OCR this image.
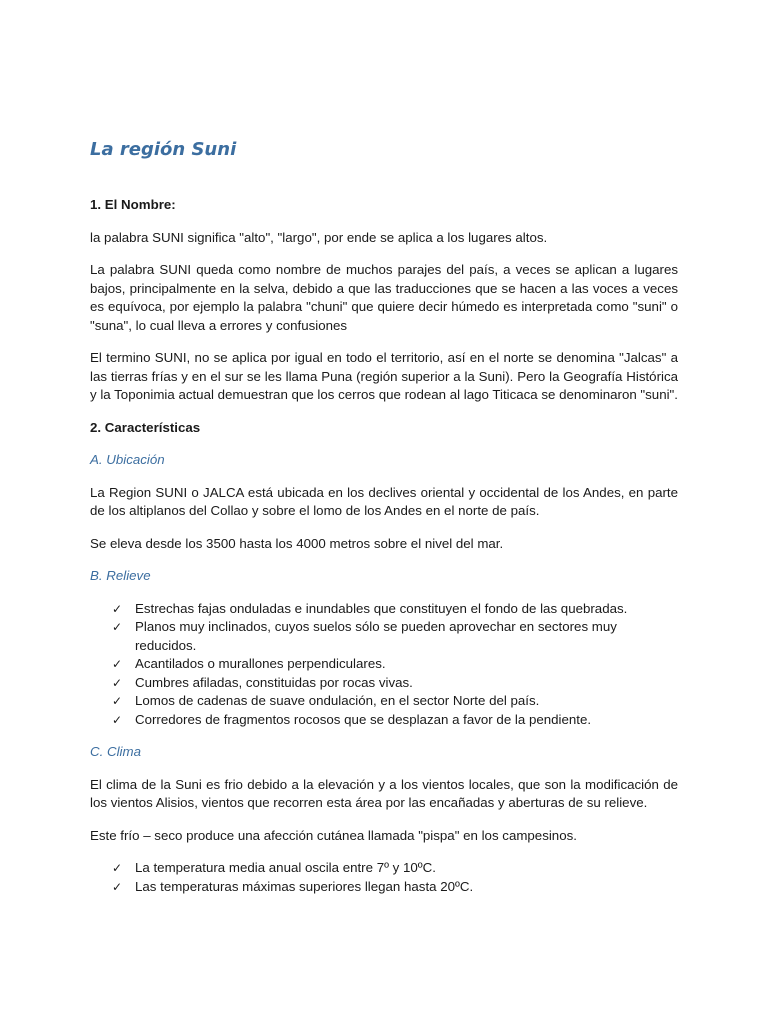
La región Suni
1. El Nombre:

la palabra SUNI significa "alto", "largo", por ende se aplica a los lugares altos.

La palabra SUNI queda como nombre de muchos parajes del país, a veces se aplican a lugares bajos, principalmente en la selva, debido a que las traducciones que se hacen a las voces a veces es equívoca, por ejemplo la palabra "chuni" que quiere decir húmedo es interpretada como "suni" o "suna", lo cual lleva a errores y confusiones

El termino SUNI, no se aplica por igual en todo el territorio, así en el norte se denomina "Jalcas" a las tierras frías y en el sur se les llama Puna (región superior a la Suni). Pero la Geografía Histórica y la Toponimia actual demuestran que los cerros que rodean al lago Titicaca se denominaron "suni".

2. Características
A. Ubicación

La Region SUNI o JALCA está ubicada en los declives oriental y occidental de los Andes, en parte de los altiplanos del Collao y sobre el lomo de los Andes en el norte de país.

Se eleva desde los 3500 hasta los 4000 metros sobre el nivel del mar.

B. Relieve
✓ Estrechas fajas onduladas e inundables que constituyen el fondo de las quebradas.
✓ Planos muy inclinados, cuyos suelos sólo se pueden aprovechar en sectores muy reducidos.
✓ Acantilados o murallones perpendiculares.
✓ Cumbres afiladas, constituidas por rocas vivas.
✓ Lomos de cadenas de suave ondulación, en el sector Norte del país.
✓ Corredores de fragmentos rocosos que se desplazan a favor de la pendiente.
C. Clima

El clima de la Suni es frio debido a la elevación y a los vientos locales, que son la modificación de los vientos Alisios, vientos que recorren esta área por las encañadas y aberturas de su relieve.

Este frío – seco produce una afección cutánea llamada "pispa" en los campesinos.

✓ La temperatura media anual oscila entre 7º y 10ºC.
✓ Las temperaturas máximas superiores llegan hasta 20ºC.
